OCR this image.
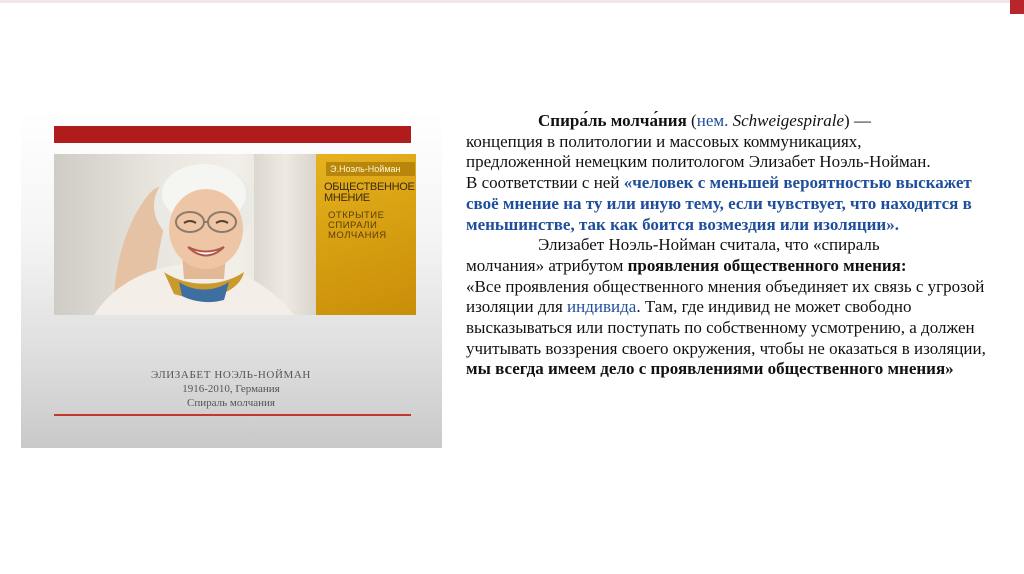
Э.Ноэль-Нойман
ОБЩЕСТВЕННОЕ
МНЕНИЕ
ОТКРЫТИЕ
СПИРАЛИ
МОЛЧАНИЯ
ЭЛИЗАБЕТ НОЭЛЬ-НОЙМАН
1916-2010, Германия
Спираль молчания

Спира́ль молча́ния (нем. Schweigespirale) —
концепция в политологии и массовых коммуникациях,
предложенной немецким политологом Элизабет Ноэль-Нойман.
В соответствии с ней «человек с меньшей вероятностью выскажет своё мнение на ту или иную тему, если чувствует, что находится в меньшинстве, так как боится возмездия или изоляции».

Элизабет Ноэль-Нойман считала, что «спираль
молчания» атрибутом проявления общественного мнения:
«Все проявления общественного мнения объединяет их связь с угрозой изоляции для индивида. Там, где индивид не может свободно высказываться или поступать по собственному усмотрению, а должен учитывать воззрения своего окружения, чтобы не оказаться в изоляции, мы всегда имеем дело с проявлениями общественного мнения»
